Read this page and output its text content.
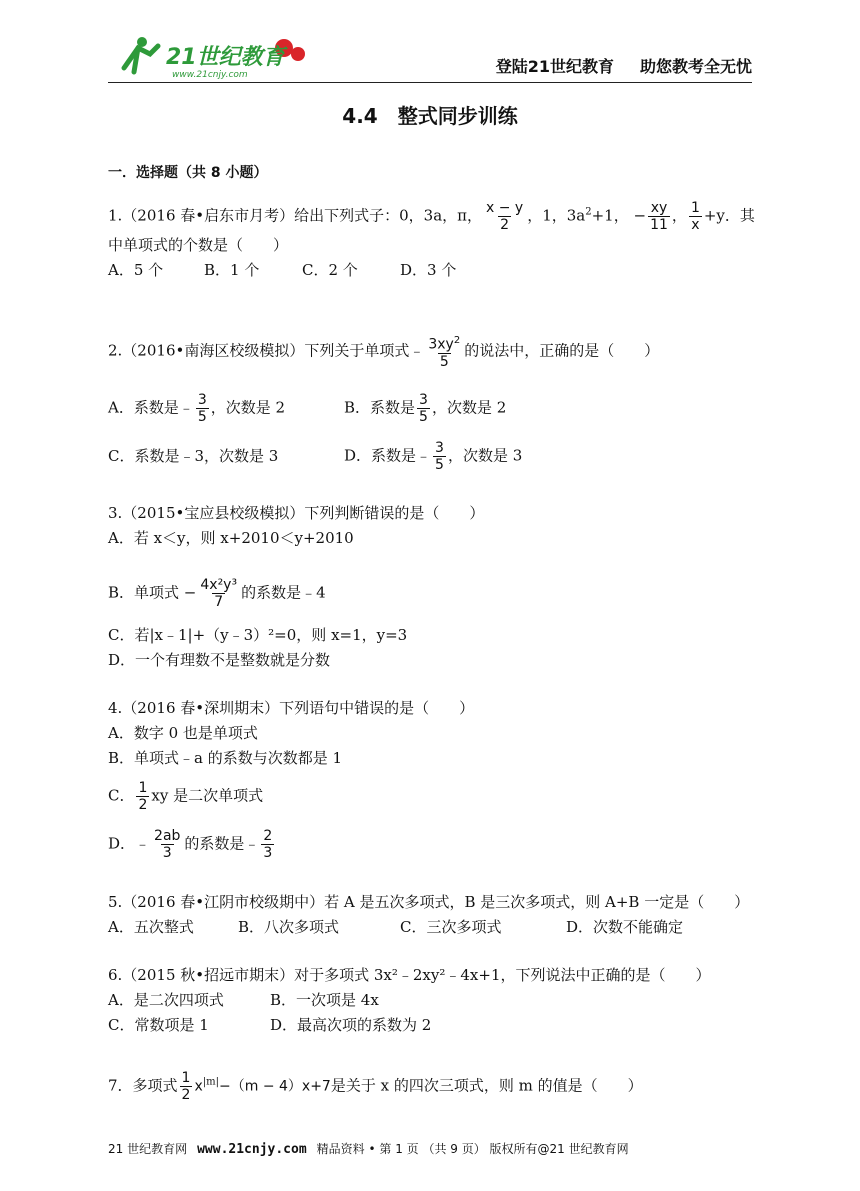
21世纪教育
www.21cnjy.com	登陆21世纪教育 助您教考全无忧
4.4　整式同步训练
一．选择题（共 8 小题）
1.（2016 春•启东市月考）给出下列式子：0，3a，π， $\frac{x - y}{2}$ ，1，$3a^2+1$， − $\frac{xy}{11}$ ， $\frac{1}{x} +y$．其
中单项式的个数是（　　）
A．5 个	B．1 个	C．2 个	D．3 个
2.（2016•南海区校级模拟）下列关于单项式﹣ $\frac{3xy^2}{5}$ 的说法中，正确的是（　　）
A．系数是﹣ $\frac{3}{5}$ ，次数是 2	B．系数是 $\frac{3}{5}$ ，次数是 2
C．系数是﹣3，次数是 3	D．系数是﹣ $\frac{3}{5}$ ，次数是 3
3.（2015•宝应县校级模拟）下列判断错误的是（　　）
A．若 x＜y，则 x+2010＜y+2010
B．单项式 − $\frac{\text{4x²y³}}{7}$ 的系数是﹣4
C．若|x﹣1|+（y﹣3）²=0，则 x=1，y=3
D．一个有理数不是整数就是分数
4.（2016 春•深圳期末）下列语句中错误的是（　　）
A．数字 0 也是单项式
B．单项式﹣a 的系数与次数都是 1
C． $\frac{1}{2}$ xy 是二次单项式
D．﹣ $\frac{2ab}{3}$ 的系数是﹣ $\frac{2}{3}$
5.（2016 春•江阴市校级期中）若 A 是五次多项式，B 是三次多项式，则 A+B 一定是（　　）
A．五次整式	B．八次多项式	C．三次多项式	D．次数不能确定
6.（2015 秋•招远市期末）对于多项式 3x²﹣2xy²﹣4x+1，下列说法中正确的是（　　）
A．是二次四项式	B．一次项是 4x
C．常数项是 1	D．最高次项的系数为 2
7．多项式 $\frac{1}{2} x^{|m|}-(m - 4)x+7$是关于 x 的四次三项式，则 m 的值是（　　）
21 世纪教育网 www.21cnjy.com 精品资料 • 第 1 页 （共 9 页） 版权所有@21 世纪教育网
